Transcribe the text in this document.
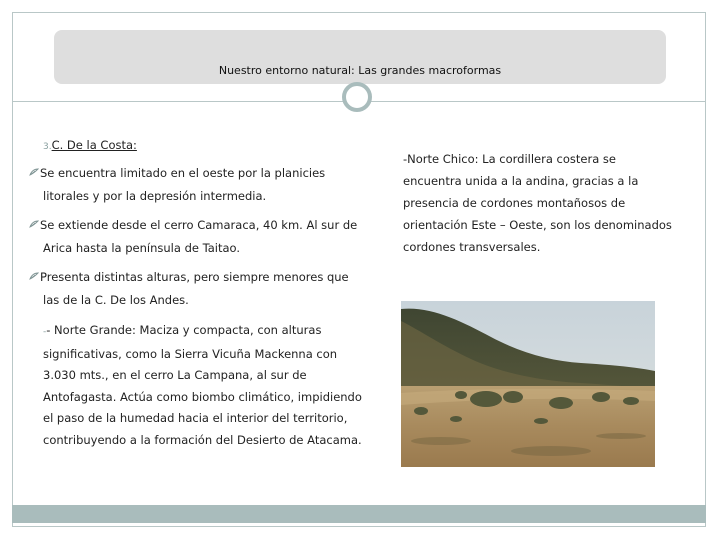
Nuestro entorno natural: Las grandes macroformas

3.C. De la Costa:

Se encuentra limitado en el oeste por la planicies litorales y por la depresión intermedia.

Se extiende desde el cerro Camaraca, 40 km. Al sur de Arica hasta la península de Taitao.

Presenta distintas alturas, pero siempre menores que las de la C. De los Andes.

-- Norte Grande: Maciza y compacta, con alturas significativas, como la Sierra Vicuña Mackenna con 3.030 mts., en el cerro La Campana, al sur de Antofagasta. Actúa como biombo climático, impidiendo el paso de la humedad hacia el interior del territorio, contribuyendo a la formación del Desierto de Atacama.
-Norte Chico: La cordillera costera se encuentra unida a la andina, gracias a la presencia de cordones montañosos de orientación Este – Oeste, son los denominados cordones transversales.
